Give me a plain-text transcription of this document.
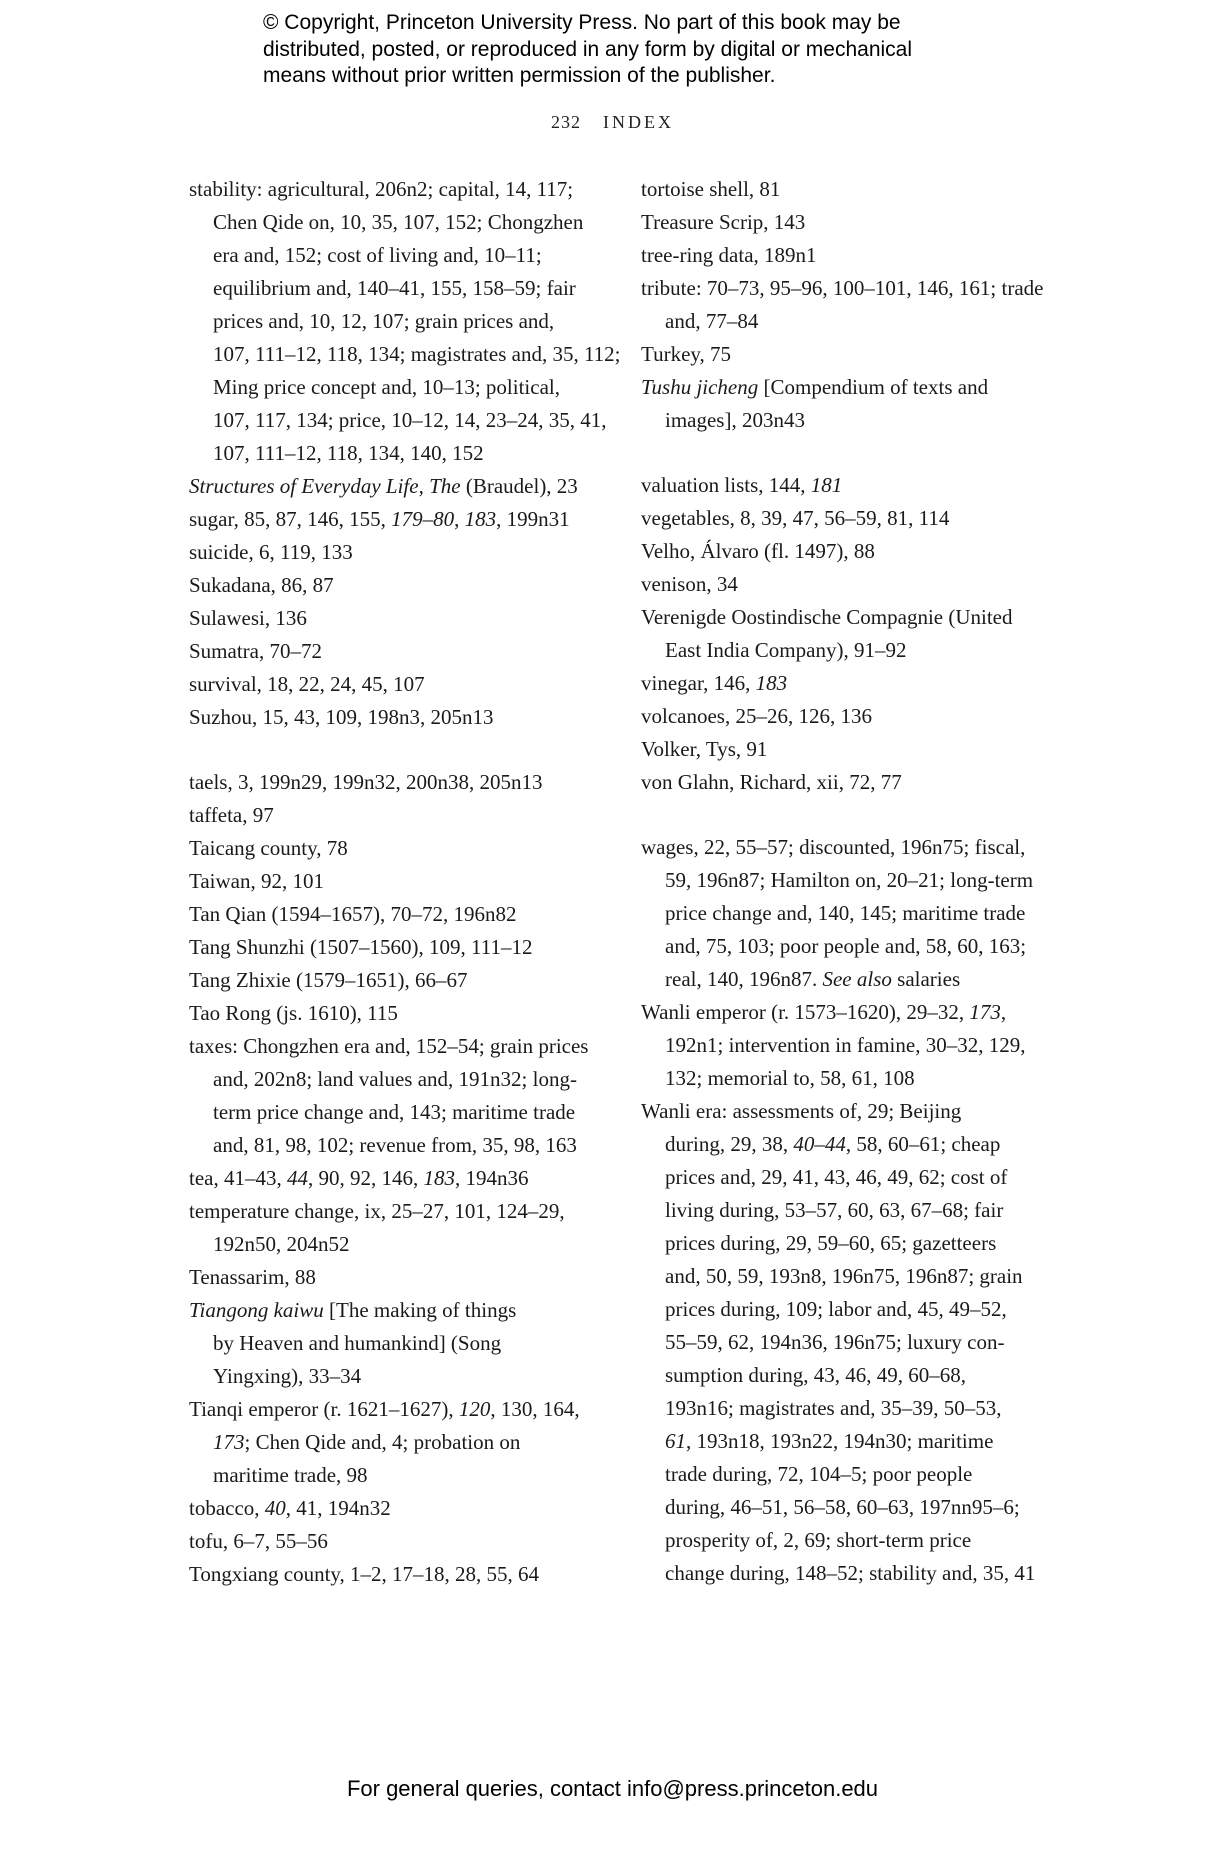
© Copyright, Princeton University Press. No part of this book may be
distributed, posted, or reproduced in any form by digital or mechanical
means without prior written permission of the publisher.
232 INDEX

stability: agricultural, 206n2; capital, 14, 117;
Chen Qide on, 10, 35, 107, 152; Chongzhen
era and, 152; cost of living and, 10–11;
equilibrium and, 140–41, 155, 158–59; fair
prices and, 10, 12, 107; grain prices and,
107, 111–12, 118, 134; magistrates and, 35, 112;
Ming price concept and, 10–13; political,
107, 117, 134; price, 10–12, 14, 23–24, 35, 41,
107, 111–12, 118, 134, 140, 152

Structures of Everyday Life, The (Braudel), 23

sugar, 85, 87, 146, 155, 179–80, 183, 199n31

suicide, 6, 119, 133

Sukadana, 86, 87

Sulawesi, 136

Sumatra, 70–72

survival, 18, 22, 24, 45, 107

Suzhou, 15, 43, 109, 198n3, 205n13

taels, 3, 199n29, 199n32, 200n38, 205n13

taffeta, 97

Taicang county, 78

Taiwan, 92, 101

Tan Qian (1594–1657), 70–72, 196n82

Tang Shunzhi (1507–1560), 109, 111–12

Tang Zhixie (1579–1651), 66–67

Tao Rong (js. 1610), 115

taxes: Chongzhen era and, 152–54; grain prices
and, 202n8; land values and, 191n32; long-
term price change and, 143; maritime trade
and, 81, 98, 102; revenue from, 35, 98, 163

tea, 41–43, 44, 90, 92, 146, 183, 194n36

temperature change, ix, 25–27, 101, 124–29,
192n50, 204n52

Tenassarim, 88

Tiangong kaiwu [The making of things
by Heaven and humankind] (Song
Yingxing), 33–34

Tianqi emperor (r. 1621–1627), 120, 130, 164,
173; Chen Qide and, 4; probation on
maritime trade, 98

tobacco, 40, 41, 194n32

tofu, 6–7, 55–56

Tongxiang county, 1–2, 17–18, 28, 55, 64

tortoise shell, 81

Treasure Scrip, 143

tree-ring data, 189n1

tribute: 70–73, 95–96, 100–101, 146, 161; trade
and, 77–84

Turkey, 75

Tushu jicheng [Compendium of texts and
images], 203n43

valuation lists, 144, 181

vegetables, 8, 39, 47, 56–59, 81, 114

Velho, Álvaro (fl. 1497), 88

venison, 34

Verenigde Oostindische Compagnie (United
East India Company), 91–92

vinegar, 146, 183

volcanoes, 25–26, 126, 136

Volker, Tys, 91

von Glahn, Richard, xii, 72, 77

wages, 22, 55–57; discounted, 196n75; fiscal,
59, 196n87; Hamilton on, 20–21; long-term
price change and, 140, 145; maritime trade
and, 75, 103; poor people and, 58, 60, 163;
real, 140, 196n87. See also salaries

Wanli emperor (r. 1573–1620), 29–32, 173,
192n1; intervention in famine, 30–32, 129,
132; memorial to, 58, 61, 108

Wanli era: assessments of, 29; Beijing
during, 29, 38, 40–44, 58, 60–61; cheap
prices and, 29, 41, 43, 46, 49, 62; cost of
living during, 53–57, 60, 63, 67–68; fair
prices during, 29, 59–60, 65; gazetteers
and, 50, 59, 193n8, 196n75, 196n87; grain
prices during, 109; labor and, 45, 49–52,
55–59, 62, 194n36, 196n75; luxury con-
sumption during, 43, 46, 49, 60–68,
193n16; magistrates and, 35–39, 50–53,
61, 193n18, 193n22, 194n30; maritime
trade during, 72, 104–5; poor people
during, 46–51, 56–58, 60–63, 197nn95–6;
prosperity of, 2, 69; short-term price
change during, 148–52; stability and, 35, 41

For general queries, contact info@press.princeton.edu
